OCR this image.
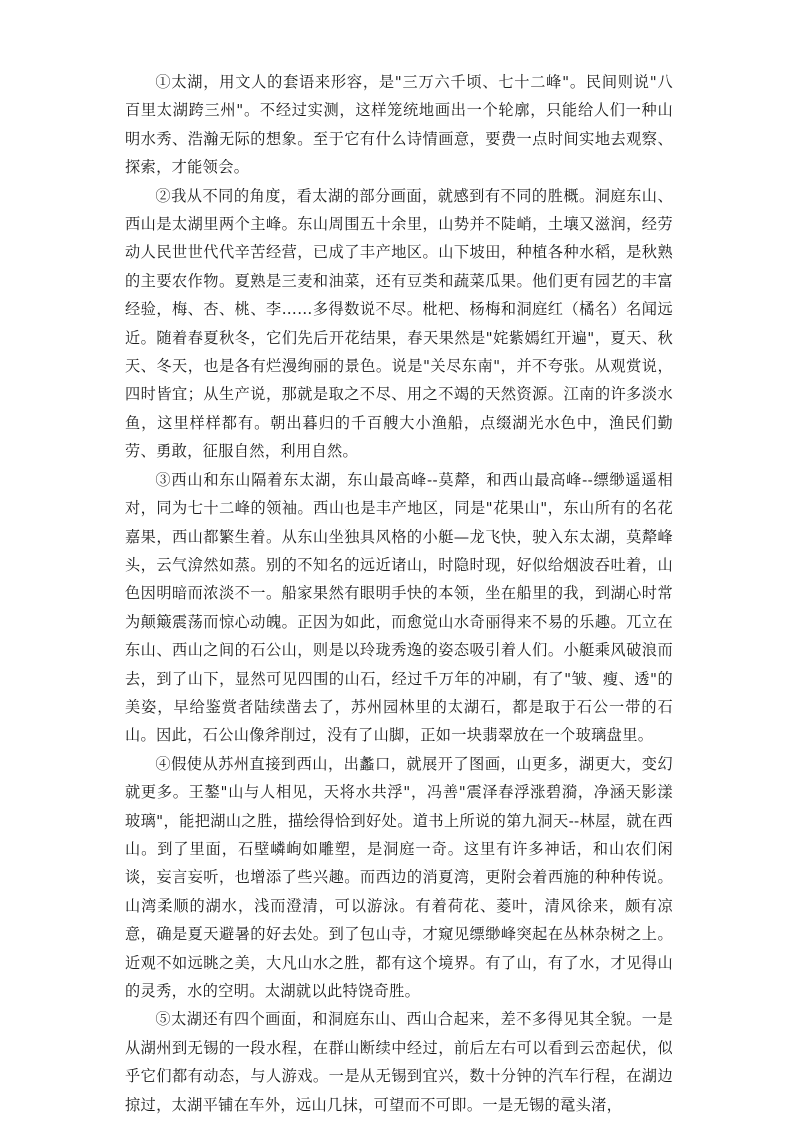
①太湖，用文人的套语来形容，是"三万六千顷、七十二峰"。民间则说"八百里太湖跨三州"。不经过实测，这样笼统地画出一个轮廓，只能给人们一种山明水秀、浩瀚无际的想象。至于它有什么诗情画意，要费一点时间实地去观察、探索，才能领会。

②我从不同的角度，看太湖的部分画面，就感到有不同的胜概。洞庭东山、西山是太湖里两个主峰。东山周围五十余里，山势并不陡峭，土壤又滋润，经劳动人民世世代代辛苦经营，已成了丰产地区。山下坡田，种植各种水稻，是秋熟的主要农作物。夏熟是三麦和油菜，还有豆类和蔬菜瓜果。他们更有园艺的丰富经验，梅、杏、桃、李……多得数说不尽。枇杷、杨梅和洞庭红（橘名）名闻远近。随着春夏秋冬，它们先后开花结果，春天果然是"姹紫嫣红开遍"，夏天、秋天、冬天，也是各有烂漫绚丽的景色。说是"关尽东南"，并不夸张。从观赏说，四时皆宜；从生产说，那就是取之不尽、用之不竭的天然资源。江南的许多淡水鱼，这里样样都有。朝出暮归的千百艘大小渔船，点缀湖光水色中，渔民们勤劳、勇敢，征服自然，利用自然。

③西山和东山隔着东太湖，东山最高峰--莫犛，和西山最高峰--缥缈遥遥相对，同为七十二峰的领袖。西山也是丰产地区，同是"花果山"，东山所有的名花嘉果，西山都繁生着。从东山坐独具风格的小艇—龙飞快，驶入东太湖，莫犛峰头，云气渰然如蒸。别的不知名的远近诸山，时隐时现，好似给烟波吞吐着，山色因明暗而浓淡不一。船家果然有眼明手快的本领，坐在船里的我，到湖心时常为颠簸震荡而惊心动魄。正因为如此，而愈觉山水奇丽得来不易的乐趣。兀立在东山、西山之间的石公山，则是以玲珑秀逸的姿态吸引着人们。小艇乘风破浪而去，到了山下，显然可见四围的山石，经过千万年的冲刷，有了"皱、瘦、透"的美姿，早给鉴赏者陆续凿去了，苏州园林里的太湖石，都是取于石公一带的石山。因此，石公山像斧削过，没有了山脚，正如一块翡翠放在一个玻璃盘里。

④假使从苏州直接到西山，出蠡口，就展开了图画，山更多，湖更大，变幻就更多。王鏊"山与人相见，天将水共浮"，冯善"震泽春浮涨碧漪，净涵天影漾玻璃"，能把湖山之胜，描绘得恰到好处。道书上所说的第九洞天--林屋，就在西山。到了里面，石壁嶙峋如雕塑，是洞庭一奇。这里有许多神话，和山农们闲谈，妄言妄听，也增添了些兴趣。而西边的消夏湾，更附会着西施的种种传说。山湾柔顺的湖水，浅而澄清，可以游泳。有着荷花、菱叶，清风徐来，颇有凉意，确是夏天避暑的好去处。到了包山寺，才窥见缥缈峰突起在丛林杂树之上。近观不如远眺之美，大凡山水之胜，都有这个境界。有了山，有了水，才见得山的灵秀，水的空明。太湖就以此特饶奇胜。

⑤太湖还有四个画面，和洞庭东山、西山合起来，差不多得见其全貌。一是从湖州到无锡的一段水程，在群山断续中经过，前后左右可以看到云峦起伏，似乎它们都有动态，与人游戏。一是从无锡到宜兴，数十分钟的汽车行程，在湖边掠过，太湖平铺在车外，远山几抹，可望而不可即。一是无锡的鼋头渚，
